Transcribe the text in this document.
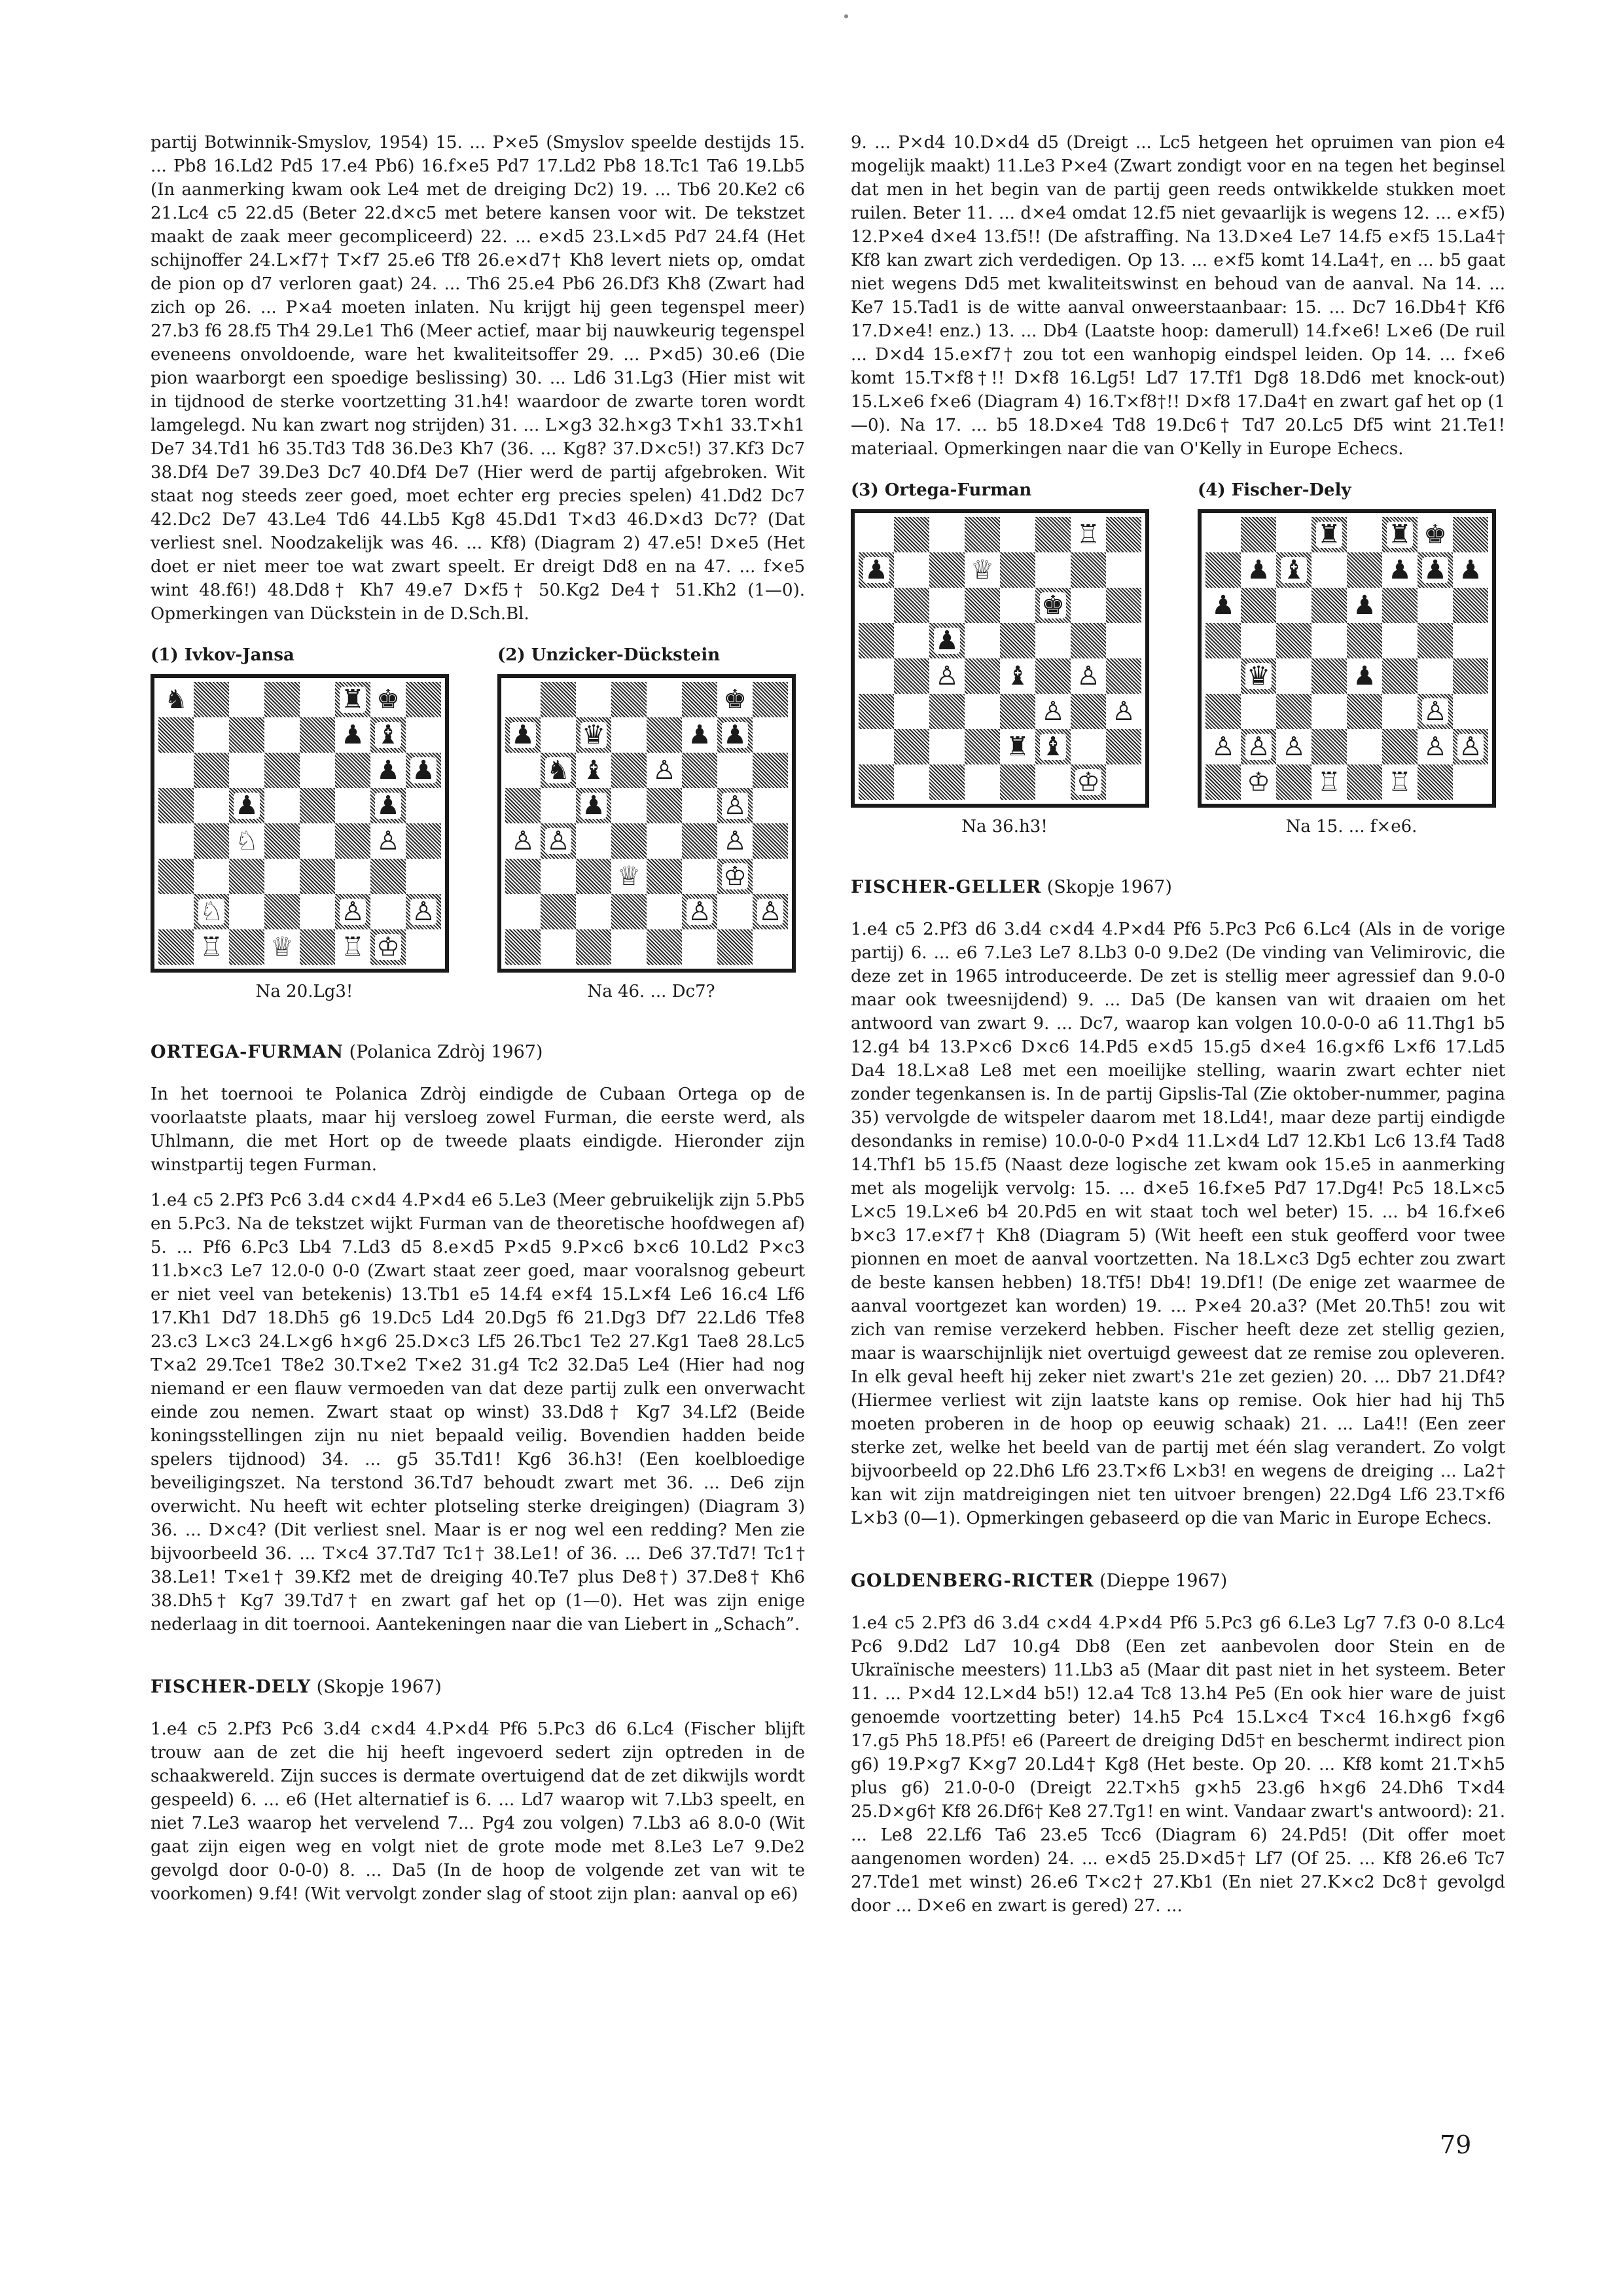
partij Botwinnik-Smyslov, 1954) 15. ... P×e5 (Smyslov speelde destijds 15. ... Pb8 16.Ld2 Pd5 17.e4 Pb6) 16.f×e5 Pd7 17.Ld2 Pb8 18.Tc1 Ta6 19.Lb5 (In aanmerking kwam ook Le4 met de dreiging Dc2) 19. ... Tb6 20.Ke2 c6 21.Lc4 c5 22.d5 (Beter 22.d×c5 met betere kansen voor wit. De tekstzet maakt de zaak meer gecompliceerd) 22. ... e×d5 23.L×d5 Pd7 24.f4 (Het schijnoffer 24.L×f7† T×f7 25.e6 Tf8 26.e×d7† Kh8 levert niets op, omdat de pion op d7 verloren gaat) 24. ... Th6 25.e4 Pb6 26.Df3 Kh8 (Zwart had zich op 26. ... P×a4 moeten inlaten. Nu krijgt hij geen tegenspel meer) 27.b3 f6 28.f5 Th4 29.Le1 Th6 (Meer actief, maar bij nauwkeurig tegenspel eveneens onvoldoende, ware het kwaliteitsoffer 29. ... P×d5) 30.e6 (Die pion waarborgt een spoedige beslissing) 30. ... Ld6 31.Lg3 (Hier mist wit in tijdnood de sterke voortzetting 31.h4! waardoor de zwarte toren wordt lamgelegd. Nu kan zwart nog strijden) 31. ... L×g3 32.h×g3 T×h1 33.T×h1 De7 34.Td1 h6 35.Td3 Td8 36.De3 Kh7 (36. ... Kg8? 37.D×c5!) 37.Kf3 Dc7 38.Df4 De7 39.De3 Dc7 40.Df4 De7 (Hier werd de partij afgebroken. Wit staat nog steeds zeer goed, moet echter erg precies spelen) 41.Dd2 Dc7 42.Dc2 De7 43.Le4 Td6 44.Lb5 Kg8 45.Dd1 T×d3 46.D×d3 Dc7? (Dat verliest snel. Noodzakelijk was 46. ... Kf8) (Diagram 2) 47.e5! D×e5 (Het doet er niet meer toe wat zwart speelt. Er dreigt Dd8 en na 47. ... f×e5 wint 48.f6!) 48.Dd8† Kh7 49.e7 D×f5† 50.Kg2 De4† 51.Kh2 (1—0). Opmerkingen van Dückstein in de D.Sch.Bl.

(1) Ivkov-Jansa
♞	♜ ♚
♟ ♝
♟ ♟
♟	♟
♘	♙
♘	♙ ♙
♖ ♕ ♖ ♔
Na 20.Lg3!
(2) Unzicker-Dückstein
♚
♟ ♛	♟ ♟
♞ ♝ ♙
♟	♙
♙ ♙	♙
♕	♔
♙ ♙
Na 46. ... Dc7?
ORTEGA-FURMAN (Polanica Zdròj 1967)

In het toernooi te Polanica Zdròj eindigde de Cubaan Ortega op de voorlaatste plaats, maar hij versloeg zowel Furman, die eerste werd, als Uhlmann, die met Hort op de tweede plaats eindigde. Hieronder zijn winstpartij tegen Furman.

1.e4 c5 2.Pf3 Pc6 3.d4 c×d4 4.P×d4 e6 5.Le3 (Meer gebruikelijk zijn 5.Pb5 en 5.Pc3. Na de tekstzet wijkt Furman van de theoretische hoofdwegen af) 5. ... Pf6 6.Pc3 Lb4 7.Ld3 d5 8.e×d5 P×d5 9.P×c6 b×c6 10.Ld2 P×c3 11.b×c3 Le7 12.0-0 0-0 (Zwart staat zeer goed, maar vooralsnog gebeurt er niet veel van betekenis) 13.Tb1 e5 14.f4 e×f4 15.L×f4 Le6 16.c4 Lf6 17.Kh1 Dd7 18.Dh5 g6 19.Dc5 Ld4 20.Dg5 f6 21.Dg3 Df7 22.Ld6 Tfe8 23.c3 L×c3 24.L×g6 h×g6 25.D×c3 Lf5 26.Tbc1 Te2 27.Kg1 Tae8 28.Lc5 T×a2 29.Tce1 T8e2 30.T×e2 T×e2 31.g4 Tc2 32.Da5 Le4 (Hier had nog niemand er een flauw vermoeden van dat deze partij zulk een onverwacht einde zou nemen. Zwart staat op winst) 33.Dd8† Kg7 34.Lf2 (Beide koningsstellingen zijn nu niet bepaald veilig. Bovendien hadden beide spelers tijdnood) 34. ... g5 35.Td1! Kg6 36.h3! (Een koelbloedige beveiligingszet. Na terstond 36.Td7 behoudt zwart met 36. ... De6 zijn overwicht. Nu heeft wit echter plotseling sterke dreigingen) (Diagram 3) 36. ... D×c4? (Dit verliest snel. Maar is er nog wel een redding? Men zie bijvoorbeeld 36. ... T×c4 37.Td7 Tc1† 38.Le1! of 36. ... De6 37.Td7! Tc1† 38.Le1! T×e1† 39.Kf2 met de dreiging 40.Te7 plus De8†) 37.De8† Kh6 38.Dh5† Kg7 39.Td7† en zwart gaf het op (1—0). Het was zijn enige nederlaag in dit toernooi. Aantekeningen naar die van Liebert in „Schach”.

FISCHER-DELY (Skopje 1967)

1.e4 c5 2.Pf3 Pc6 3.d4 c×d4 4.P×d4 Pf6 5.Pc3 d6 6.Lc4 (Fischer blijft trouw aan de zet die hij heeft ingevoerd sedert zijn optreden in de schaakwereld. Zijn succes is dermate overtuigend dat de zet dikwijls wordt gespeeld) 6. ... e6 (Het alternatief is 6. ... Ld7 waarop wit 7.Lb3 speelt, en niet 7.Le3 waarop het vervelend 7... Pg4 zou volgen) 7.Lb3 a6 8.0-0 (Wit gaat zijn eigen weg en volgt niet de grote mode met 8.Le3 Le7 9.De2 gevolgd door 0-0-0) 8. ... Da5 (In de hoop de volgende zet van wit te voorkomen) 9.f4! (Wit vervolgt zonder slag of stoot zijn plan: aanval op e6)

9. ... P×d4 10.D×d4 d5 (Dreigt ... Lc5 hetgeen het opruimen van pion e4 mogelijk maakt) 11.Le3 P×e4 (Zwart zondigt voor en na tegen het beginsel dat men in het begin van de partij geen reeds ontwikkelde stukken moet ruilen. Beter 11. ... d×e4 omdat 12.f5 niet gevaarlijk is wegens 12. ... e×f5) 12.P×e4 d×e4 13.f5!! (De afstraffing. Na 13.D×e4 Le7 14.f5 e×f5 15.La4† Kf8 kan zwart zich verdedigen. Op 13. ... e×f5 komt 14.La4†, en ... b5 gaat niet wegens Dd5 met kwaliteitswinst en behoud van de aanval. Na 14. ... Ke7 15.Tad1 is de witte aanval onweerstaanbaar: 15. ... Dc7 16.Db4† Kf6 17.D×e4! enz.) 13. ... Db4 (Laatste hoop: damerull) 14.f×e6! L×e6 (De ruil ... D×d4 15.e×f7† zou tot een wanhopig eindspel leiden. Op 14. ... f×e6 komt 15.T×f8†!! D×f8 16.Lg5! Ld7 17.Tf1 Dg8 18.Dd6 met knock-out) 15.L×e6 f×e6 (Diagram 4) 16.T×f8†!! D×f8 17.Da4† en zwart gaf het op (1—0). Na 17. ... b5 18.D×e4 Td8 19.Dc6† Td7 20.Lc5 Df5 wint 21.Te1! materiaal. Opmerkingen naar die van O'Kelly in Europe Echecs.

(3) Ortega-Furman
♖
♟	♕
♚
♟
♙ ♝ ♙
♙ ♙
♜ ♝
♔
Na 36.h3!
(4) Fischer-Dely
♜ ♜ ♚
♟ ♝	♟ ♟ ♟
♟	♟
♛	♟
♙
♙ ♙ ♙	♙ ♙
♔ ♖ ♖
Na 15. ... f×e6.
FISCHER-GELLER (Skopje 1967)

1.e4 c5 2.Pf3 d6 3.d4 c×d4 4.P×d4 Pf6 5.Pc3 Pc6 6.Lc4 (Als in de vorige partij) 6. ... e6 7.Le3 Le7 8.Lb3 0-0 9.De2 (De vinding van Velimirovic, die deze zet in 1965 introduceerde. De zet is stellig meer agressief dan 9.0-0 maar ook tweesnijdend) 9. ... Da5 (De kansen van wit draaien om het antwoord van zwart 9. ... Dc7, waarop kan volgen 10.0-0-0 a6 11.Thg1 b5 12.g4 b4 13.P×c6 D×c6 14.Pd5 e×d5 15.g5 d×e4 16.g×f6 L×f6 17.Ld5 Da4 18.L×a8 Le8 met een moeilijke stelling, waarin zwart echter niet zonder tegenkansen is. In de partij Gipslis-Tal (Zie oktober-nummer, pagina 35) vervolgde de witspeler daarom met 18.Ld4!, maar deze partij eindigde desondanks in remise) 10.0-0-0 P×d4 11.L×d4 Ld7 12.Kb1 Lc6 13.f4 Tad8 14.Thf1 b5 15.f5 (Naast deze logische zet kwam ook 15.e5 in aanmerking met als mogelijk vervolg: 15. ... d×e5 16.f×e5 Pd7 17.Dg4! Pc5 18.L×c5 L×c5 19.L×e6 b4 20.Pd5 en wit staat toch wel beter) 15. ... b4 16.f×e6 b×c3 17.e×f7† Kh8 (Diagram 5) (Wit heeft een stuk geofferd voor twee pionnen en moet de aanval voortzetten. Na 18.L×c3 Dg5 echter zou zwart de beste kansen hebben) 18.Tf5! Db4! 19.Df1! (De enige zet waarmee de aanval voortgezet kan worden) 19. ... P×e4 20.a3? (Met 20.Th5! zou wit zich van remise verzekerd hebben. Fischer heeft deze zet stellig gezien, maar is waarschijnlijk niet overtuigd geweest dat ze remise zou opleveren. In elk geval heeft hij zeker niet zwart's 21e zet gezien) 20. ... Db7 21.Df4? (Hiermee verliest wit zijn laatste kans op remise. Ook hier had hij Th5 moeten proberen in de hoop op eeuwig schaak) 21. ... La4!! (Een zeer sterke zet, welke het beeld van de partij met één slag verandert. Zo volgt bijvoorbeeld op 22.Dh6 Lf6 23.T×f6 L×b3! en wegens de dreiging ... La2† kan wit zijn matdreigingen niet ten uitvoer brengen) 22.Dg4 Lf6 23.T×f6 L×b3 (0—1). Opmerkingen gebaseerd op die van Maric in Europe Echecs.

GOLDENBERG-RICTER (Dieppe 1967)

1.e4 c5 2.Pf3 d6 3.d4 c×d4 4.P×d4 Pf6 5.Pc3 g6 6.Le3 Lg7 7.f3 0-0 8.Lc4 Pc6 9.Dd2 Ld7 10.g4 Db8 (Een zet aanbevolen door Stein en de Ukraïnische meesters) 11.Lb3 a5 (Maar dit past niet in het systeem. Beter 11. ... P×d4 12.L×d4 b5!) 12.a4 Tc8 13.h4 Pe5 (En ook hier ware de juist genoemde voortzetting beter) 14.h5 Pc4 15.L×c4 T×c4 16.h×g6 f×g6 17.g5 Ph5 18.Pf5! e6 (Pareert de dreiging Dd5† en beschermt indirect pion g6) 19.P×g7 K×g7 20.Ld4† Kg8 (Het beste. Op 20. ... Kf8 komt 21.T×h5 plus g6) 21.0-0-0 (Dreigt 22.T×h5 g×h5 23.g6 h×g6 24.Dh6 T×d4 25.D×g6† Kf8 26.Df6† Ke8 27.Tg1! en wint. Vandaar zwart's antwoord): 21. ... Le8 22.Lf6 Ta6 23.e5 Tcc6 (Diagram 6) 24.Pd5! (Dit offer moet aangenomen worden) 24. ... e×d5 25.D×d5† Lf7 (Of 25. ... Kf8 26.e6 Tc7 27.Tde1 met winst) 26.e6 T×c2† 27.Kb1 (En niet 27.K×c2 Dc8† gevolgd door ... D×e6 en zwart is gered) 27. ...

79
